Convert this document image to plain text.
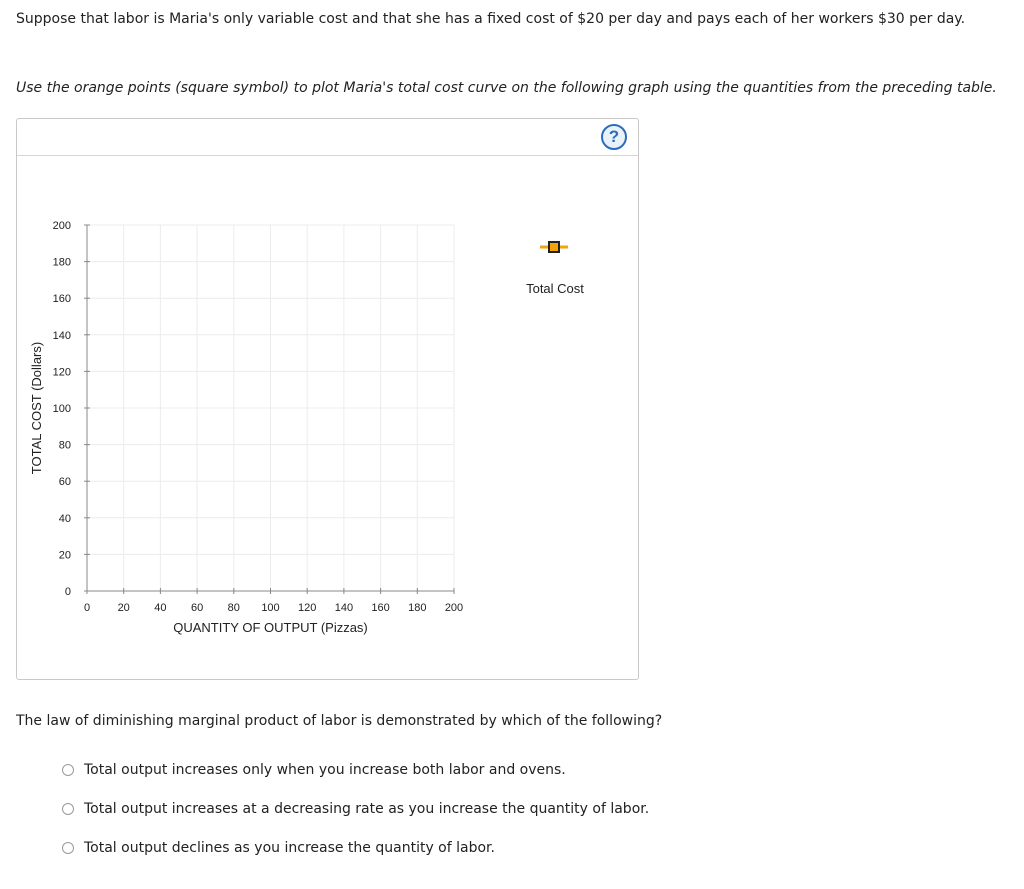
Suppose that labor is Maria's only variable cost and that she has a fixed cost of $20 per day and pays each of her workers $30 per day.
Use the orange points (square symbol) to plot Maria's total cost curve on the following graph using the quantities from the preceding table.
?
0
20
40
60
80
100
120
140
160
180
200
0	20 40 60 80 100 120 140 160 180 200
QUANTITY OF OUTPUT (Pizzas)
TOTAL COST (Dollars)
Total Cost
The law of diminishing marginal product of labor is demonstrated by which of the following?
Total output increases only when you increase both labor and ovens.
Total output increases at a decreasing rate as you increase the quantity of labor.
Total output declines as you increase the quantity of labor.
